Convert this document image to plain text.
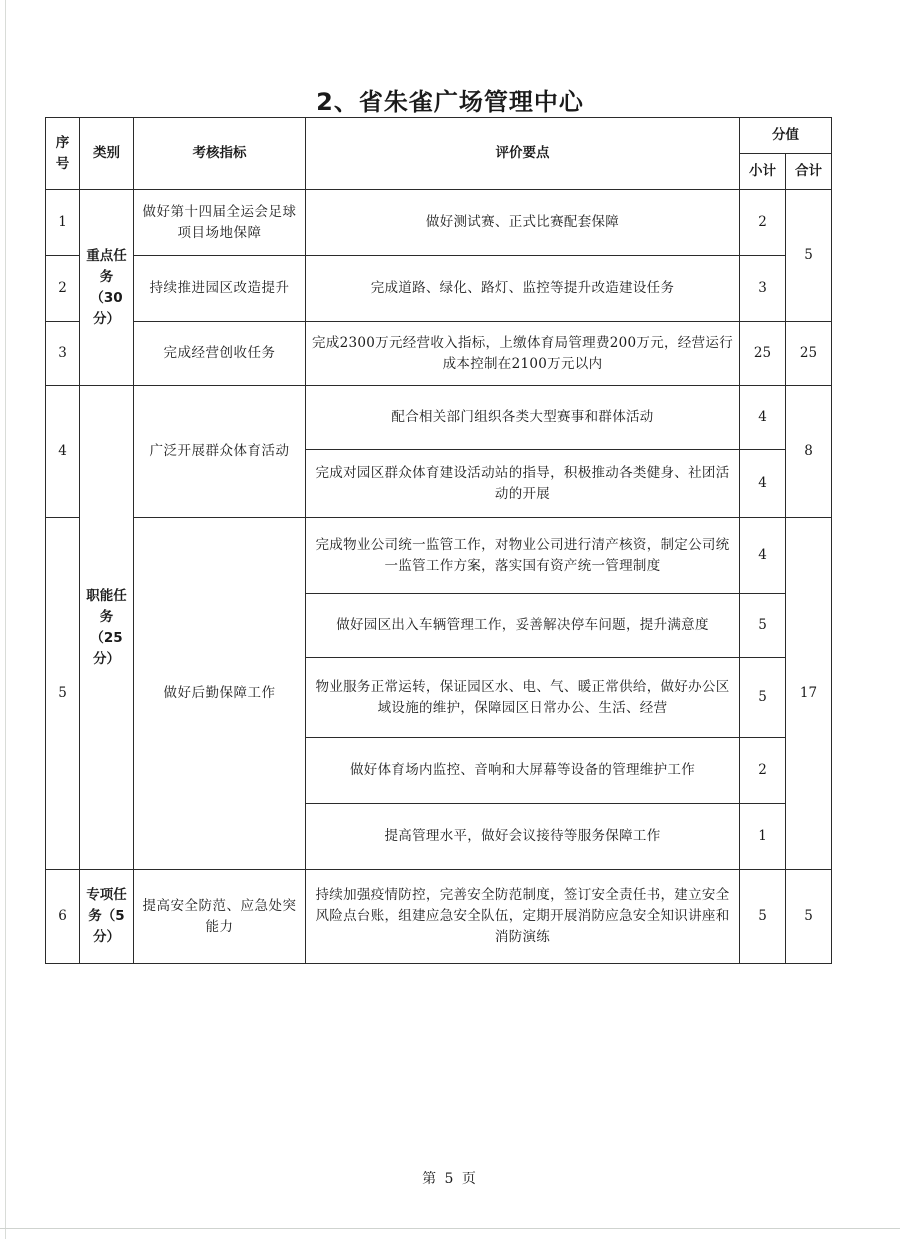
2、省朱雀广场管理中心
序号	类别	考核指标	评价要点	分值	
				小计	合计
1	重点任务（30分）	做好第十四届全运会足球项目场地保障	做好测试赛、正式比赛配套保障	2	5
2		持续推进园区改造提升	完成道路、绿化、路灯、监控等提升改造建设任务	3	
3		完成经营创收任务	完成2300万元经营收入指标，上缴体育局管理费200万元，经营运行成本控制在2100万元以内	25	25
4	职能任务（25分）	广泛开展群众体育活动	配合相关部门组织各类大型赛事和群体活动	4	8
			完成对园区群众体育建设活动站的指导，积极推动各类健身、社团活动的开展	4	
5		做好后勤保障工作	完成物业公司统一监管工作，对物业公司进行清产核资，制定公司统一监管工作方案，落实国有资产统一管理制度	4	17
			做好园区出入车辆管理工作，妥善解决停车问题，提升满意度	5	
			物业服务正常运转，保证园区水、电、气、暖正常供给，做好办公区域设施的维护，保障园区日常办公、生活、经营	5	
			做好体育场内监控、音响和大屏幕等设备的管理维护工作	2	
			提高管理水平，做好会议接待等服务保障工作	1	
6	专项任务（5分）	提高安全防范、应急处突能力	持续加强疫情防控，完善安全防范制度，签订安全责任书，建立安全风险点台账，组建应急安全队伍，定期开展消防应急安全知识讲座和消防演练	5	5
第 5 页
